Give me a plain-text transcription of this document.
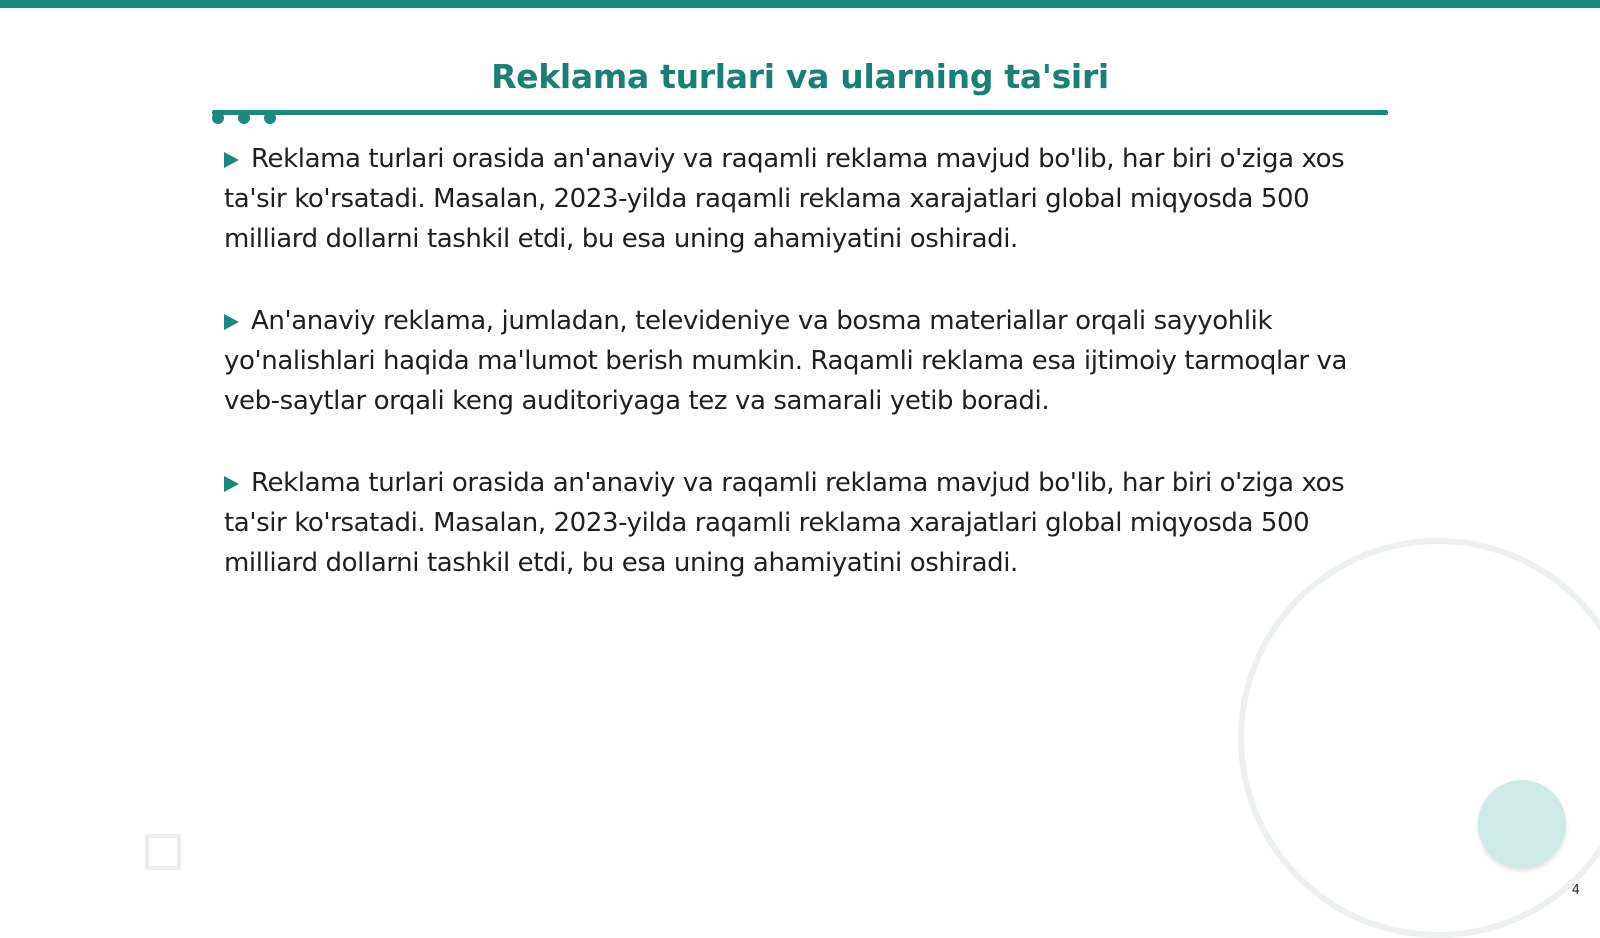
Reklama turlari va ularning ta'siri
Reklama turlari orasida an'anaviy va raqamli reklama mavjud bo'lib, har biri o'ziga xos ta'sir ko'rsatadi. Masalan, 2023-yilda raqamli reklama xarajatlari global miqyosda 500 milliard dollarni tashkil etdi, bu esa uning ahamiyatini oshiradi.
An'anaviy reklama, jumladan, televideniye va bosma materiallar orqali sayyohlik yo'nalishlari haqida ma'lumot berish mumkin. Raqamli reklama esa ijtimoiy tarmoqlar va veb-saytlar orqali keng auditoriyaga tez va samarali yetib boradi.
Reklama turlari orasida an'anaviy va raqamli reklama mavjud bo'lib, har biri o'ziga xos ta'sir ko'rsatadi. Masalan, 2023-yilda raqamli reklama xarajatlari global miqyosda 500 milliard dollarni tashkil etdi, bu esa uning ahamiyatini oshiradi.
4
